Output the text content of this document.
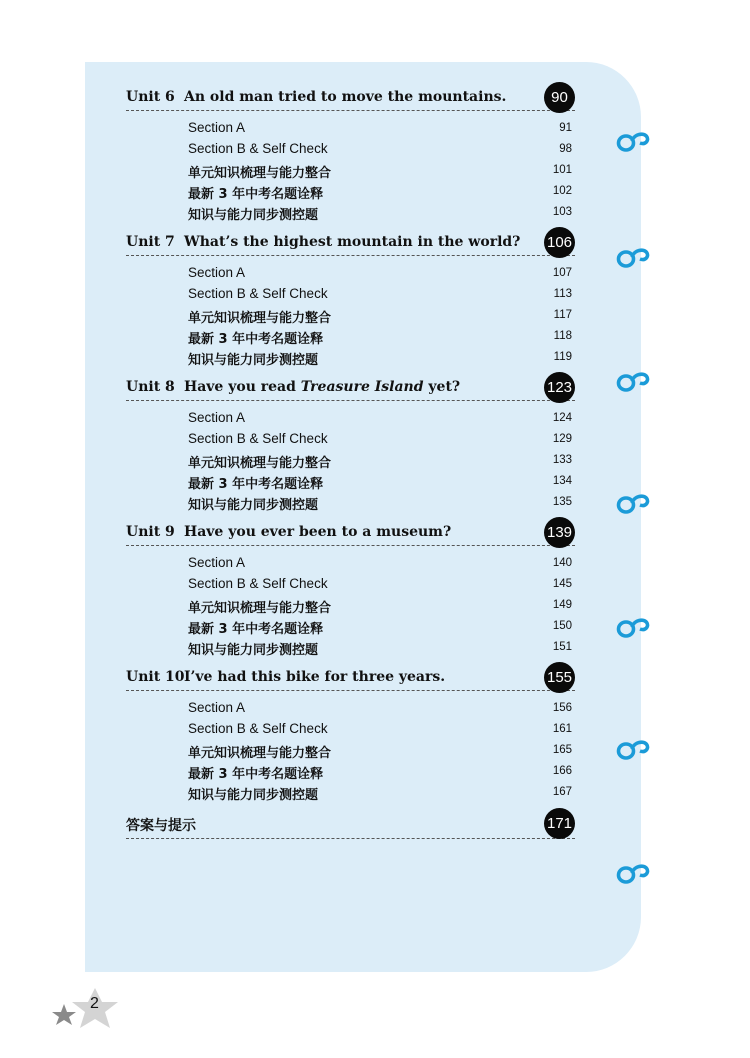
Unit 6 An old man tried to move the mountains.	90
Section A	91
Section B & Self Check	98
单元知识梳理与能力整合	101
最新 3 年中考名题诠释	102
知识与能力同步测控题	103
Unit 7 What’s the highest mountain in the world? 106
Section A	107
Section B & Self Check	113
单元知识梳理与能力整合	117
最新 3 年中考名题诠释	118
知识与能力同步测控题	119
Unit 8 Have you read Treasure Island yet?	123
Section A	124
Section B & Self Check	129
单元知识梳理与能力整合	133
最新 3 年中考名题诠释	134
知识与能力同步测控题	135
Unit 9 Have you ever been to a museum?	139
Section A	140
Section B & Self Check	145
单元知识梳理与能力整合	149
最新 3 年中考名题诠释	150
知识与能力同步测控题	151
Unit 10 I’ve had this bike for three years.	155
Section A	156
Section B & Self Check	161
单元知识梳理与能力整合	165
最新 3 年中考名题诠释	166
知识与能力同步测控题	167
答案与提示	171
2
